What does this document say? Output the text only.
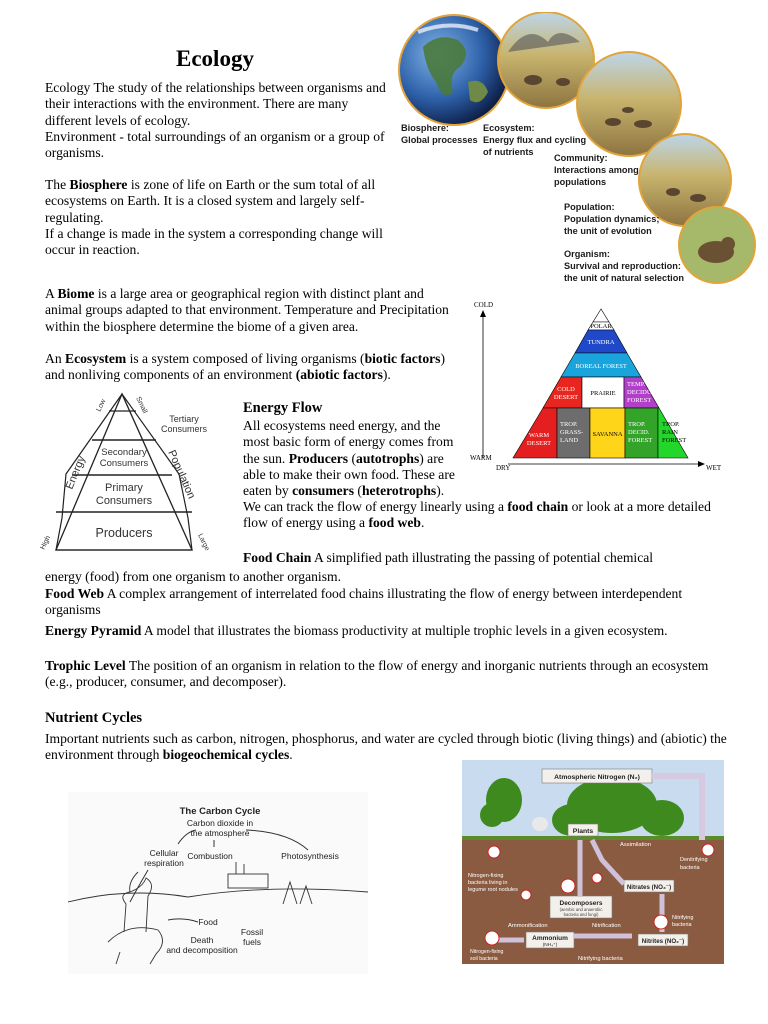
Ecology
Ecology The study of the relationships between organisms and their interactions with the environment. There are many different levels of ecology.
Environment - total surroundings of an organism or a group of organisms.
The Biosphere is zone of life on Earth or the sum total of all ecosystems on Earth. It is a closed system and largely self-regulating.
If a change is made in the system a corresponding change will occur in reaction.
A Biome is a large area or geographical region with distinct plant and animal groups adapted to that environment. Temperature and Precipitation within the biosphere determine the biome of a given area.
An Ecosystem is a system composed of living organisms (biotic factors) and nonliving components of an environment (abiotic factors).
Energy Flow
All ecosystems need energy, and the most basic form of energy comes from the sun. Producers (autotrophs) are able to make their own food. These are eaten by consumers (heterotrophs).
We can track the flow of energy linearly using a food chain or look at a more detailed flow of energy using a food web.
Food Chain A simplified path illustrating the passing of potential chemical
energy (food) from one organism to another organism.
Food Web A complex arrangement of interrelated food chains illustrating the flow of energy between interdependent organisms
Energy Pyramid A model that illustrates the biomass productivity at multiple trophic levels in a given ecosystem.
Trophic Level The position of an organism in relation to the flow of energy and inorganic nutrients through an ecosystem (e.g., producer, consumer, and decomposer).
Nutrient Cycles
Important nutrients such as carbon, nitrogen, phosphorus, and water are cycled through biotic (living things) and (abiotic) the environment through biogeochemical cycles.
Biosphere:
Global processes
Ecosystem:
Energy flux and cycling
of nutrients
Community:
Interactions among
populations
Population:
Population dynamics;
the unit of evolution
Organism:
Survival and reproduction:
the unit of natural selection
COLD
WARM
DRY	WET
POLAR
TUNDRA
BOREAL FOREST
COLD
DESERT
PRAIRIE
TEMP.
DECIDUOUS
FOREST
WARM
DESERT
TROP.
GRASS-
LAND
SAVANNA
TROP.
DECID.
FOREST
TROP.
RAIN
FOREST
Tertiary
Consumers
Secondary
Consumers
Primary
Consumers
Producers
Energy	Population
Low	Small
High	Large
The Carbon Cycle
Carbon dioxide in
the atmosphere
Cellular
respiration
Combustion	Photosynthesis
Food
Fossil
fuels
Death
and decomposition
Atmospheric Nitrogen (N₂)
Plants
Assimilation
Denitrifying
bacteria
Nitrogen-fixing
bacteria living in
legume root nodules
Decomposers
(aerobic and anaerobic
bacteria and fungi)
Nitrates (NO₃⁻)
Nitrifying
bacteria
Ammonification	Nitrification
Ammonium
(NH₄⁺)
Nitrites (NO₂⁻)
Nitrogen-fixing
soil bacteria	Nitrifying bacteria
